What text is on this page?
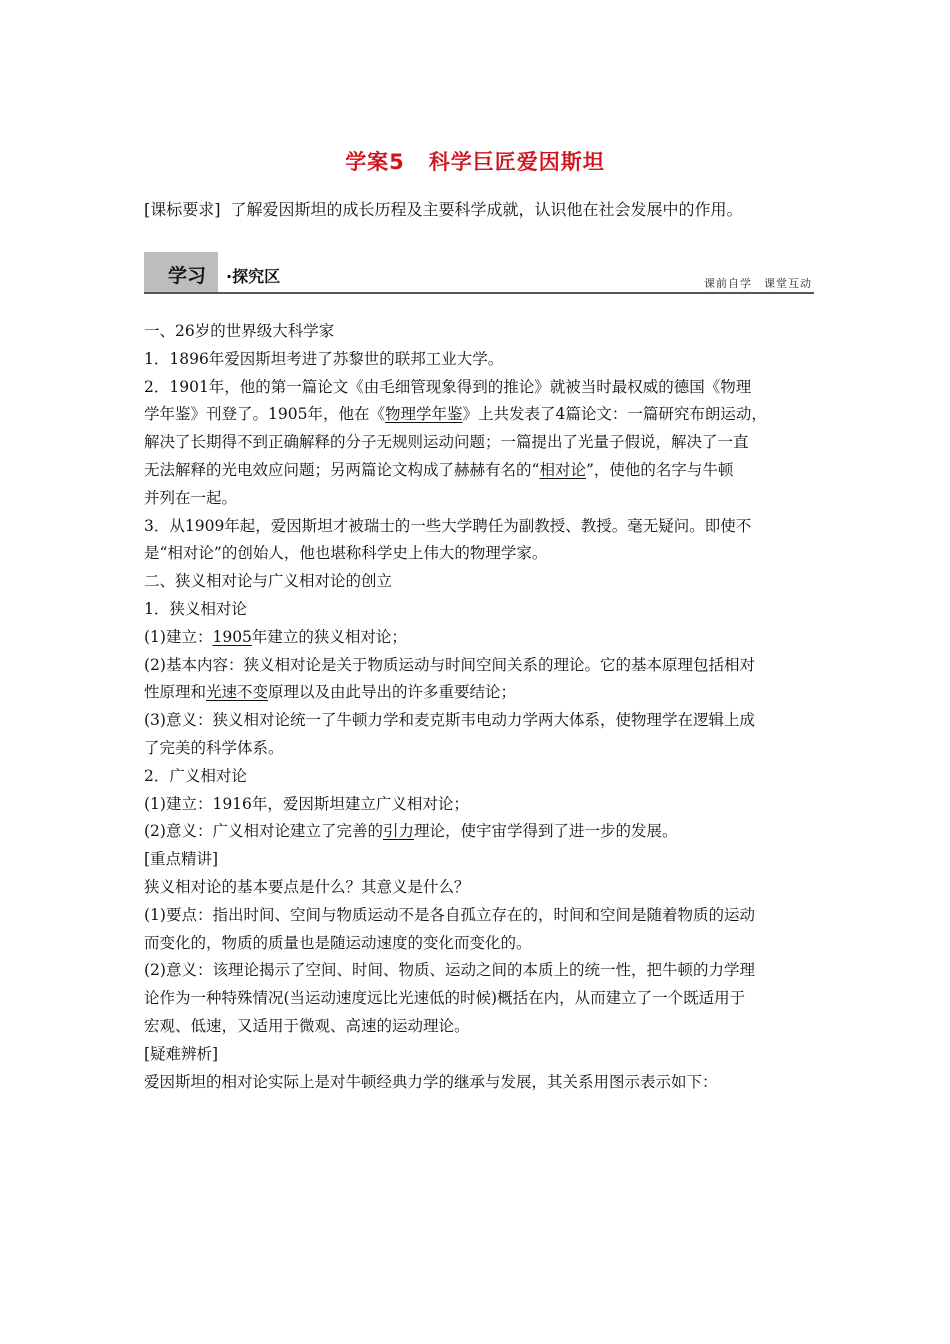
学案5 科学巨匠爱因斯坦
[课标要求] 了解爱因斯坦的成长历程及主要科学成就，认识他在社会发展中的作用。
学习 ·探究区	课前自学 课堂互动

一、26岁的世界级大科学家

1．1896年爱因斯坦考进了苏黎世的联邦工业大学。

2．1901年，他的第一篇论文《由毛细管现象得到的推论》就被当时最权威的德国《物理

学年鉴》刊登了。1905年，他在《物理学年鉴》上共发表了4篇论文：一篇研究布朗运动，

解决了长期得不到正确解释的分子无规则运动问题；一篇提出了光量子假说，解决了一直

无法解释的光电效应问题；另两篇论文构成了赫赫有名的“相对论”，使他的名字与牛顿

并列在一起。

3．从1909年起，爱因斯坦才被瑞士的一些大学聘任为副教授、教授。毫无疑问。即使不

是“相对论”的创始人，他也堪称科学史上伟大的物理学家。

二、狭义相对论与广义相对论的创立

1．狭义相对论

(1)建立：1905年建立的狭义相对论；

(2)基本内容：狭义相对论是关于物质运动与时间空间关系的理论。它的基本原理包括相对

性原理和光速不变原理以及由此导出的许多重要结论；

(3)意义：狭义相对论统一了牛顿力学和麦克斯韦电动力学两大体系，使物理学在逻辑上成

了完美的科学体系。

2．广义相对论

(1)建立：1916年，爱因斯坦建立广义相对论；

(2)意义：广义相对论建立了完善的引力理论，使宇宙学得到了进一步的发展。

[重点精讲]

狭义相对论的基本要点是什么？其意义是什么？

(1)要点：指出时间、空间与物质运动不是各自孤立存在的，时间和空间是随着物质的运动

而变化的，物质的质量也是随运动速度的变化而变化的。

(2)意义：该理论揭示了空间、时间、物质、运动之间的本质上的统一性，把牛顿的力学理

论作为一种特殊情况(当运动速度远比光速低的时候)概括在内，从而建立了一个既适用于

宏观、低速，又适用于微观、高速的运动理论。

[疑难辨析]

爱因斯坦的相对论实际上是对牛顿经典力学的继承与发展，其关系用图示表示如下：
